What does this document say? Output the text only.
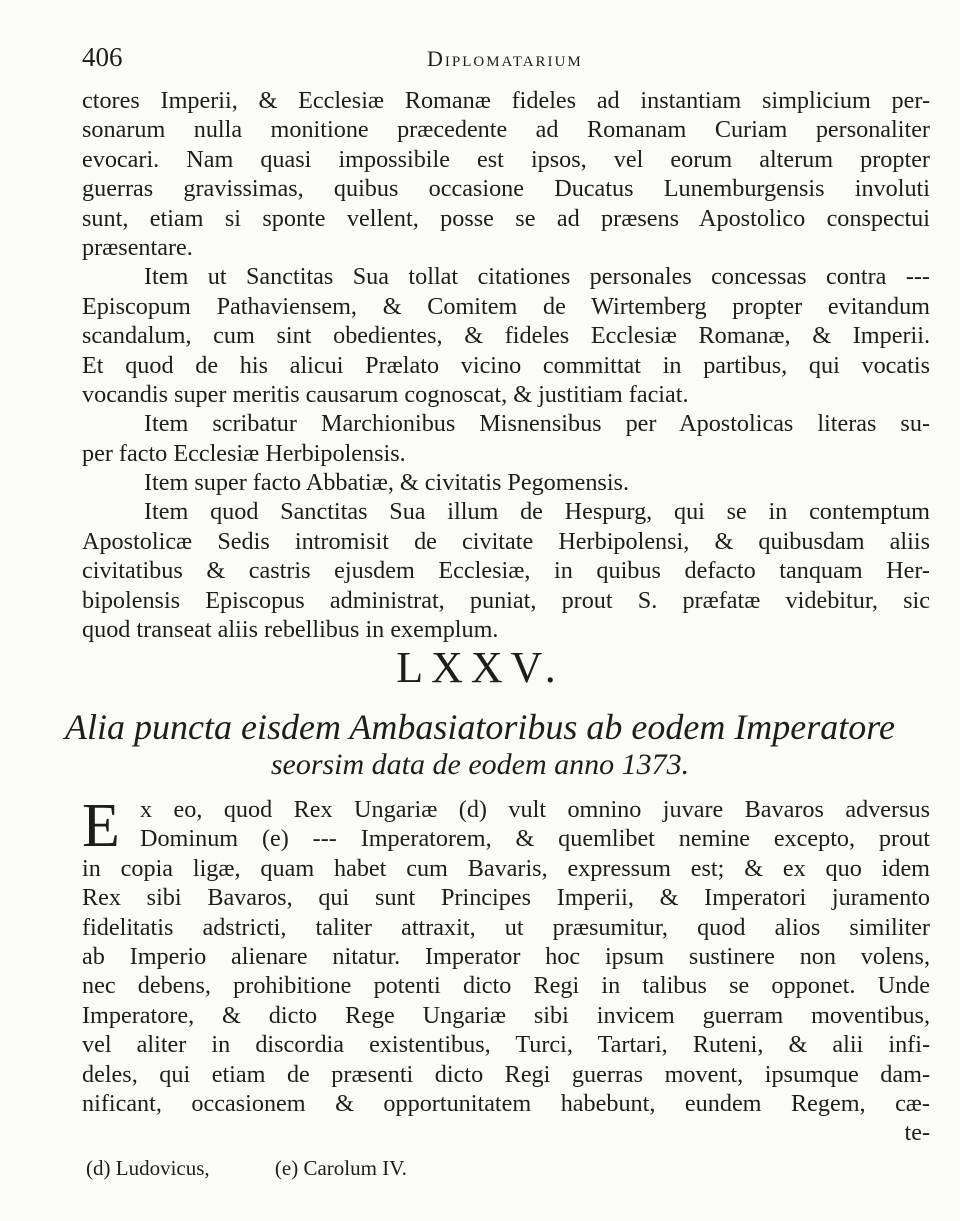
406	Diplomatarium
ctores Imperii, & Ecclesiæ Romanæ fideles ad instantiam simplicium per-
sonarum nulla monitione præcedente ad Romanam Curiam personaliter
evocari. Nam quasi impossibile est ipsos, vel eorum alterum propter
guerras gravissimas, quibus occasione Ducatus Lunemburgensis involuti
sunt, etiam si sponte vellent, posse se ad præsens Apostolico conspectui
præsentare.
Item ut Sanctitas Sua tollat citationes personales concessas contra ---
Episcopum Pathaviensem, & Comitem de Wirtemberg propter evitandum
scandalum, cum sint obedientes, & fideles Ecclesiæ Romanæ, & Imperii.
Et quod de his alicui Prælato vicino committat in partibus, qui vocatis
vocandis super meritis causarum cognoscat, & justitiam faciat.
Item scribatur Marchionibus Misnensibus per Apostolicas literas su-
per facto Ecclesiæ Herbipolensis.
Item super facto Abbatiæ, & civitatis Pegomensis.
Item quod Sanctitas Sua illum de Hespurg, qui se in contemptum
Apostolicæ Sedis intromisit de civitate Herbipolensi, & quibusdam aliis
civitatibus & castris ejusdem Ecclesiæ, in quibus defacto tanquam Her-
bipolensis Episcopus administrat, puniat, prout S. præfatæ videbitur, sic
quod transeat aliis rebellibus in exemplum.
LXXV.
Alia puncta eisdem Ambasiatoribus ab eodem Imperatore
seorsim data de eodem anno 1373.
E x eo, quod Rex Ungariæ (d) vult omnino juvare Bavaros adversus
Dominum (e) --- Imperatorem, & quemlibet nemine excepto, prout
in copia ligæ, quam habet cum Bavaris, expressum est; & ex quo idem
Rex sibi Bavaros, qui sunt Principes Imperii, & Imperatori juramento
fidelitatis adstricti, taliter attraxit, ut præsumitur, quod alios similiter
ab Imperio alienare nitatur. Imperator hoc ipsum sustinere non volens,
nec debens, prohibitione potenti dicto Regi in talibus se opponet. Unde
Imperatore, & dicto Rege Ungariæ sibi invicem guerram moventibus,
vel aliter in discordia existentibus, Turci, Tartari, Ruteni, & alii infi-
deles, qui etiam de præsenti dicto Regi guerras movent, ipsumque dam-
nificant, occasionem & opportunitatem habebunt, eundem Regem, cæ-
te-
(d) Ludovicus,	(e) Carolum IV.
